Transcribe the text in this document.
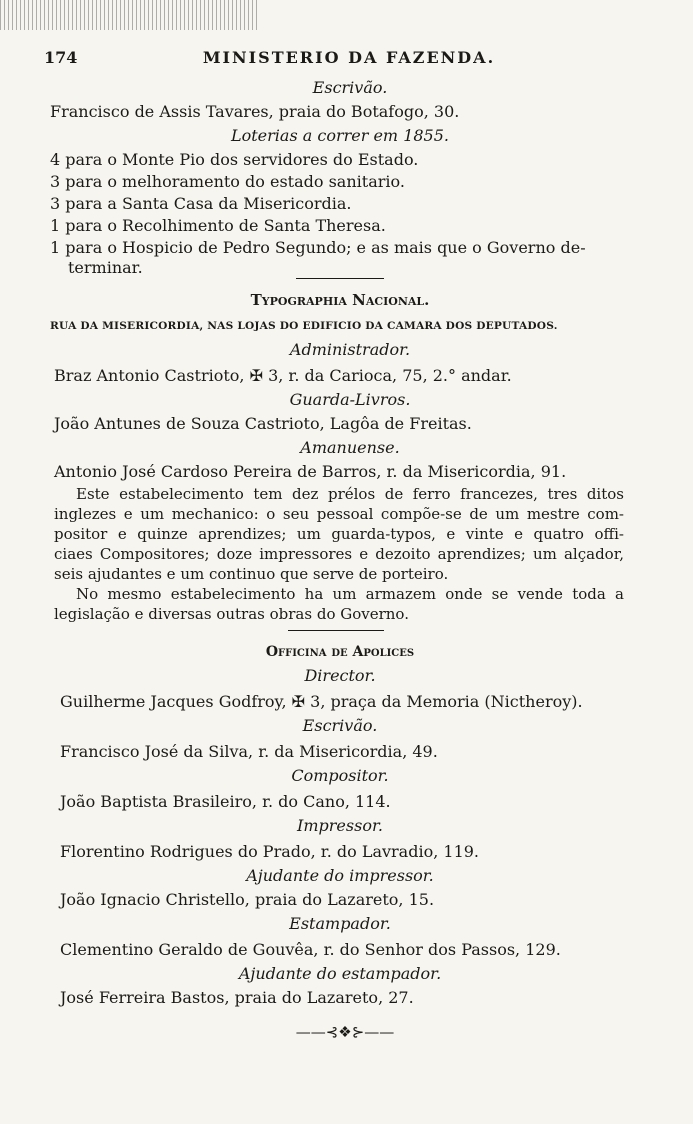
174	MINISTERIO DA FAZENDA.
Escrivão.
Francisco de Assis Tavares, praia do Botafogo, 30.
Loterias a correr em 1855.
4 para o Monte Pio dos servidores do Estado.
3 para o melhoramento do estado sanitario.
3 para a Santa Casa da Misericordia.
1 para o Recolhimento de Santa Theresa.
1 para o Hospicio de Pedro Segundo; e as mais que o Governo de-
terminar.
Typographia Nacional.
RUA DA MISERICORDIA, NAS LOJAS DO EDIFICIO DA CAMARA DOS DEPUTADOS.
Administrador.
Braz Antonio Castrioto, ✠ 3, r. da Carioca, 75, 2.° andar.
Guarda-Livros.
João Antunes de Souza Castrioto, Lagôa de Freitas.
Amanuense.
Antonio José Cardoso Pereira de Barros, r. da Misericordia, 91.
Este estabelecimento tem dez prélos de ferro francezes, tres ditos
inglezes e um mechanico: o seu pessoal compõe-se de um mestre com-
positor e quinze aprendizes; um guarda-typos, e vinte e quatro offi-
ciaes Compositores; doze impressores e dezoito aprendizes; um alçador,
seis ajudantes e um continuo que serve de porteiro.
No mesmo estabelecimento ha um armazem onde se vende toda a
legislação e diversas outras obras do Governo.
Officina de Apolices
Director.
Guilherme Jacques Godfroy, ✠ 3, praça da Memoria (Nictheroy).
Escrivão.
Francisco José da Silva, r. da Misericordia, 49.
Compositor.
João Baptista Brasileiro, r. do Cano, 114.
Impressor.
Florentino Rodrigues do Prado, r. do Lavradio, 119.
Ajudante do impressor.
João Ignacio Christello, praia do Lazareto, 15.
Estampador.
Clementino Geraldo de Gouvêa, r. do Senhor dos Passos, 129.
Ajudante do estampador.
José Ferreira Bastos, praia do Lazareto, 27.
——⊰❖⊱——
